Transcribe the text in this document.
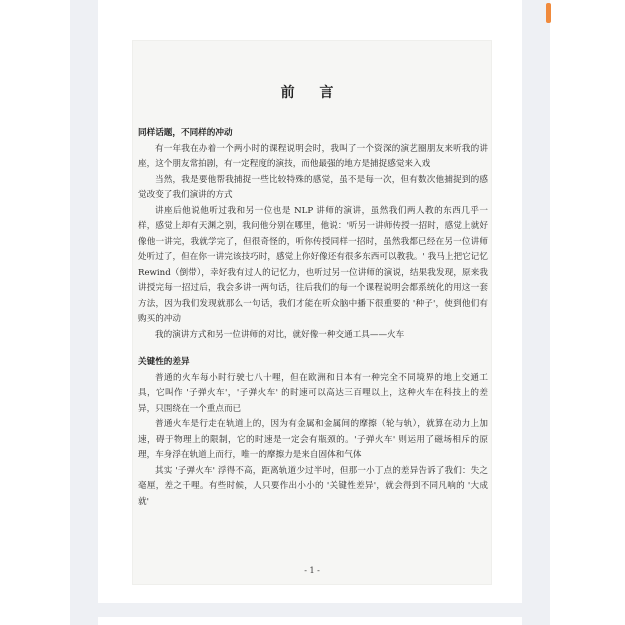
前 言

同样话题，不同样的冲动

有一年我在办着一个两小时的课程说明会时，我叫了一个资深的演艺圈朋友来听我的讲座，这个朋友常拍剧，有一定程度的演技，而他最强的地方是捕捉感觉来入戏

当然，我是要他帮我捕捉一些比较特殊的感觉，虽不是每一次，但有数次他捕捉到的感觉改变了我们演讲的方式

讲座后他说他听过我和另一位也是 NLP 讲师的演讲，虽然我们两人教的东西几乎一样，感觉上却有天渊之别，我问他分别在哪里，他说：'听另一讲师传授一招时，感觉上就好像他一讲完，我就学完了，但很奇怪的，听你传授同样一招时，虽然我都已经在另一位讲师处听过了，但在你一讲完该技巧时，感觉上你好像还有很多东西可以教我。' 我马上把它记忆 Rewind（倒带），幸好我有过人的记忆力，也听过另一位讲师的演说，结果我发现，原来我讲授完每一招过后，我会多讲一两句话，往后我们的每一个课程说明会都系统化的用这一套方法，因为我们发现就那么一句话，我们才能在听众脑中播下很重要的 '种子'，使到他们有购买的冲动

我的演讲方式和另一位讲师的对比，就好像一种交通工具——火车

关键性的差异

普通的火车每小时行驶七八十哩，但在欧洲和日本有一种完全不同境界的地上交通工具，它叫作 '子弹火车'，'子弹火车' 的时速可以高达三百哩以上，这种火车在科技上的差异，只围绕在一个重点而已

普通火车是行走在轨道上的，因为有金属和金属间的摩擦（轮与轨），就算在动力上加速，碍于物理上的限制，它的时速是一定会有瓶颈的。'子弹火车' 则运用了磁场相斥的原理，车身浮在轨道上而行，唯一的摩擦力是来自固体和气体

其实 '子弹火车' 浮得不高，距离轨道少过半吋，但那一小丁点的差异告诉了我们：失之毫厘，差之千哩。有些时候，人只要作出小小的 '关键性差异'，就会得到不同凡响的 '大成就'

- 1 -
